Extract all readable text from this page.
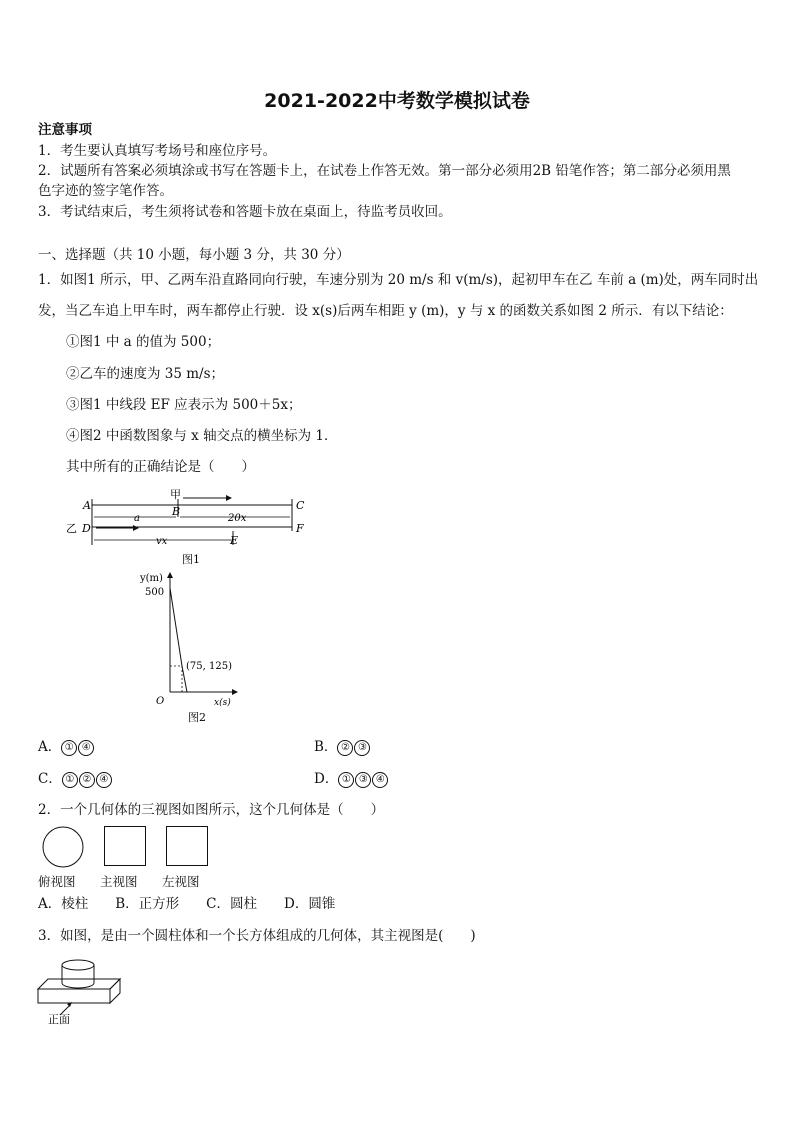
2021-2022中考数学模拟试卷
注意事项
1．考生要认真填写考场号和座位序号。
2．试题所有答案必须填涂或书写在答题卡上，在试卷上作答无效。第一部分必须用2B 铅笔作答；第二部分必须用黑
色字迹的签字笔作答。
3．考试结束后，考生须将试卷和答题卡放在桌面上，待监考员收回。
一、选择题（共 10 小题，每小题 3 分，共 30 分）
1．如图1 所示，甲、乙两车沿直路同向行驶，车速分别为 20 m/s 和 v(m/s)，起初甲车在乙 车前 a (m)处，两车同时出
发，当乙车追上甲车时，两车都停止行驶．设 x(s)后两车相距 y (m)，y 与 x 的函数关系如图 2 所示．有以下结论：
①图1 中 a 的值为 500；
②乙车的速度为 35 m/s；
③图1 中线段 EF 应表示为 500＋5x；
④图2 中函数图象与 x 轴交点的横坐标为 1．
其中所有的正确结论是（　　）
甲
乙
A	B	C
D
E
F
a	20x
vx
图1
y(m)
500
(75, 125)
O	x(s)
图2
A． ① ④	B． ② ③
C． ① ② ④	D． ① ③ ④
2．一个几何体的三视图如图所示，这个几何体是（　　）
俯视图 主视图 左视图
A．棱柱　　B．正方形　　C．圆柱　　D．圆锥
3．如图，是由一个圆柱体和一个长方体组成的几何体，其主视图是(　　)
正面
